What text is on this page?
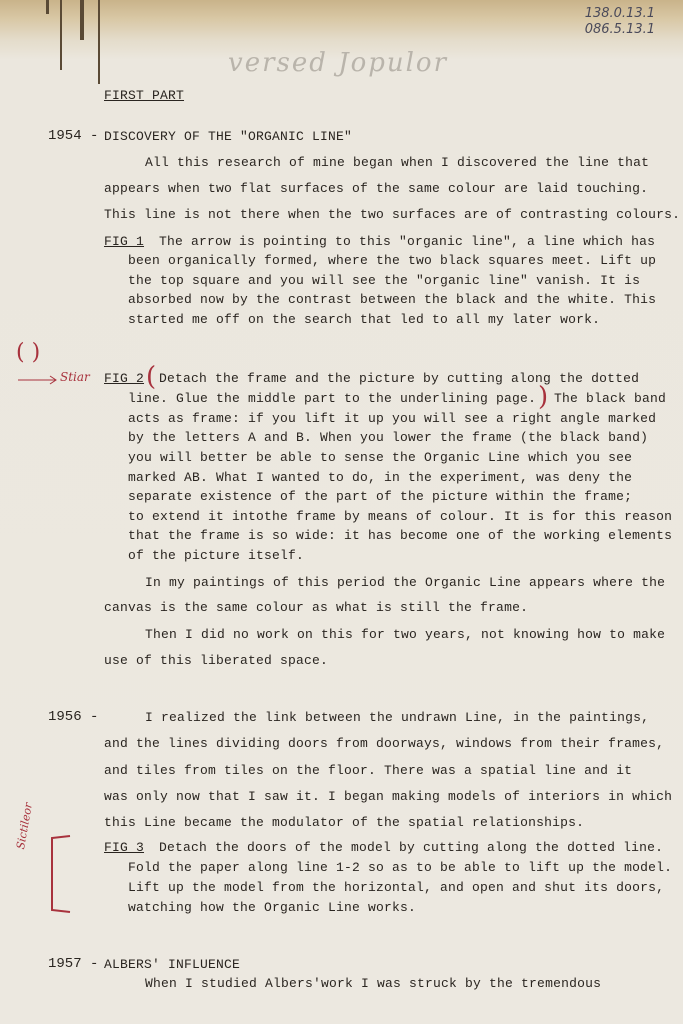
138.0.13.1
086.5.13.1
versed Jopulor
FIRST PART
1954 - DISCOVERY OF THE "ORGANIC LINE"
All this research of mine began when I discovered the line that
appears when two flat surfaces of the same colour are laid touching.
This line is not there when the two surfaces are of contrasting colours.
FIG 1 The arrow is pointing to this "organic line", a line which has
been organically formed, where the two black squares meet. Lift up
the top square and you will see the "organic line" vanish. It is
absorbed now by the contrast between the black and the white. This
started me off on the search that led to all my later work.
( )
Stiar FIG 2 ( Detach the frame and the picture by cutting along the dotted
line. Glue the middle part to the underlining page. ) The black band
acts as frame: if you lift it up you will see a right angle marked
by the letters A and B. When you lower the frame (the black band)
you will better be able to sense the Organic Line which you see
marked AB. What I wanted to do, in the experiment, was deny the
separate existence of the part of the picture within the frame;
to extend it intothe frame by means of colour. It is for this reason
that the frame is so wide: it has become one of the working elements
of the picture itself.
In my paintings of this period the Organic Line appears where the
canvas is the same colour as what is still the frame.
Then I did no work on this for two years, not knowing how to make
use of this liberated space.
1956 -	I realized the link between the undrawn Line, in the paintings,
and the lines dividing doors from doorways, windows from their frames,
and tiles from tiles on the floor. There was a spatial line and it
was only now that I saw it. I began making models of interiors in which
this Line became the modulator of the spatial relationships.
Sictileor	FIG 3 Detach the doors of the model by cutting along the dotted line.
Fold the paper along line 1-2 so as to be able to lift up the model.
Lift up the model from the horizontal, and open and shut its doors,
watching how the Organic Line works.
1957 - ALBERS' INFLUENCE
When I studied Albers'work I was struck by the tremendous
